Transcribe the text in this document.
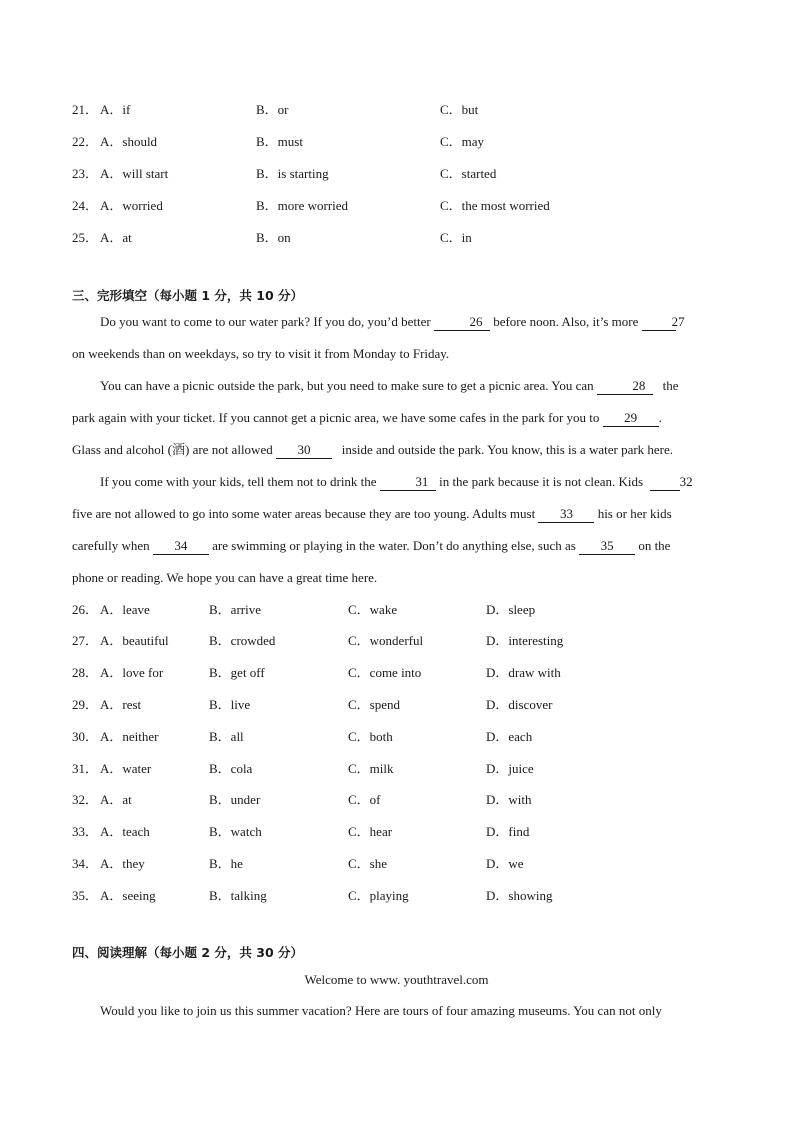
21． A．if	B．or	C．but
22． A．should	B．must	C．may
23． A．will start	B．is starting	C．started
24． A．worried	B．more worried	C．the most worried
25． A．at	B．on	C．in
三、完形填空（每小题 1 分，共 10 分）
Do you want to come to our water park? If you do, you’d better	26 before noon. Also, it’s more	27
on weekends than on weekdays, so try to visit it from Monday to Friday.
You can have a picnic outside the park, but you need to make sure to get a picnic area. You can	28 the
park again with your ticket. If you cannot get a picnic area, we have some cafes in the park for you to 29 .
Glass and alcohol (酒) are not allowed 30 inside and outside the park. You know, this is a water park here.
If you come with your kids, tell them not to drink the	31 in the park because it is not clean. Kids	32
five are not allowed to go into some water areas because they are too young. Adults must 33 his or her kids
carefully when 34 are swimming or playing in the water. Don’t do anything else, such as 35 on the
phone or reading. We hope you can have a great time here.
26． A．leave	B．arrive	C．wake	D．sleep
27． A．beautiful	B．crowded	C．wonderful	D．interesting
28． A．love for	B．get off	C．come into	D．draw with
29． A．rest	B．live	C．spend	D．discover
30． A．neither	B．all	C．both	D．each
31． A．water	B．cola	C．milk	D．juice
32． A．at	B．under	C．of	D．with
33． A．teach	B．watch	C．hear	D．find
34． A．they	B．he	C．she	D．we
35． A．seeing	B．talking	C．playing	D．showing
四、阅读理解（每小题 2 分，共 30 分）
Welcome to www. youthtravel.com
Would you like to join us this summer vacation? Here are tours of four amazing museums. You can not only
